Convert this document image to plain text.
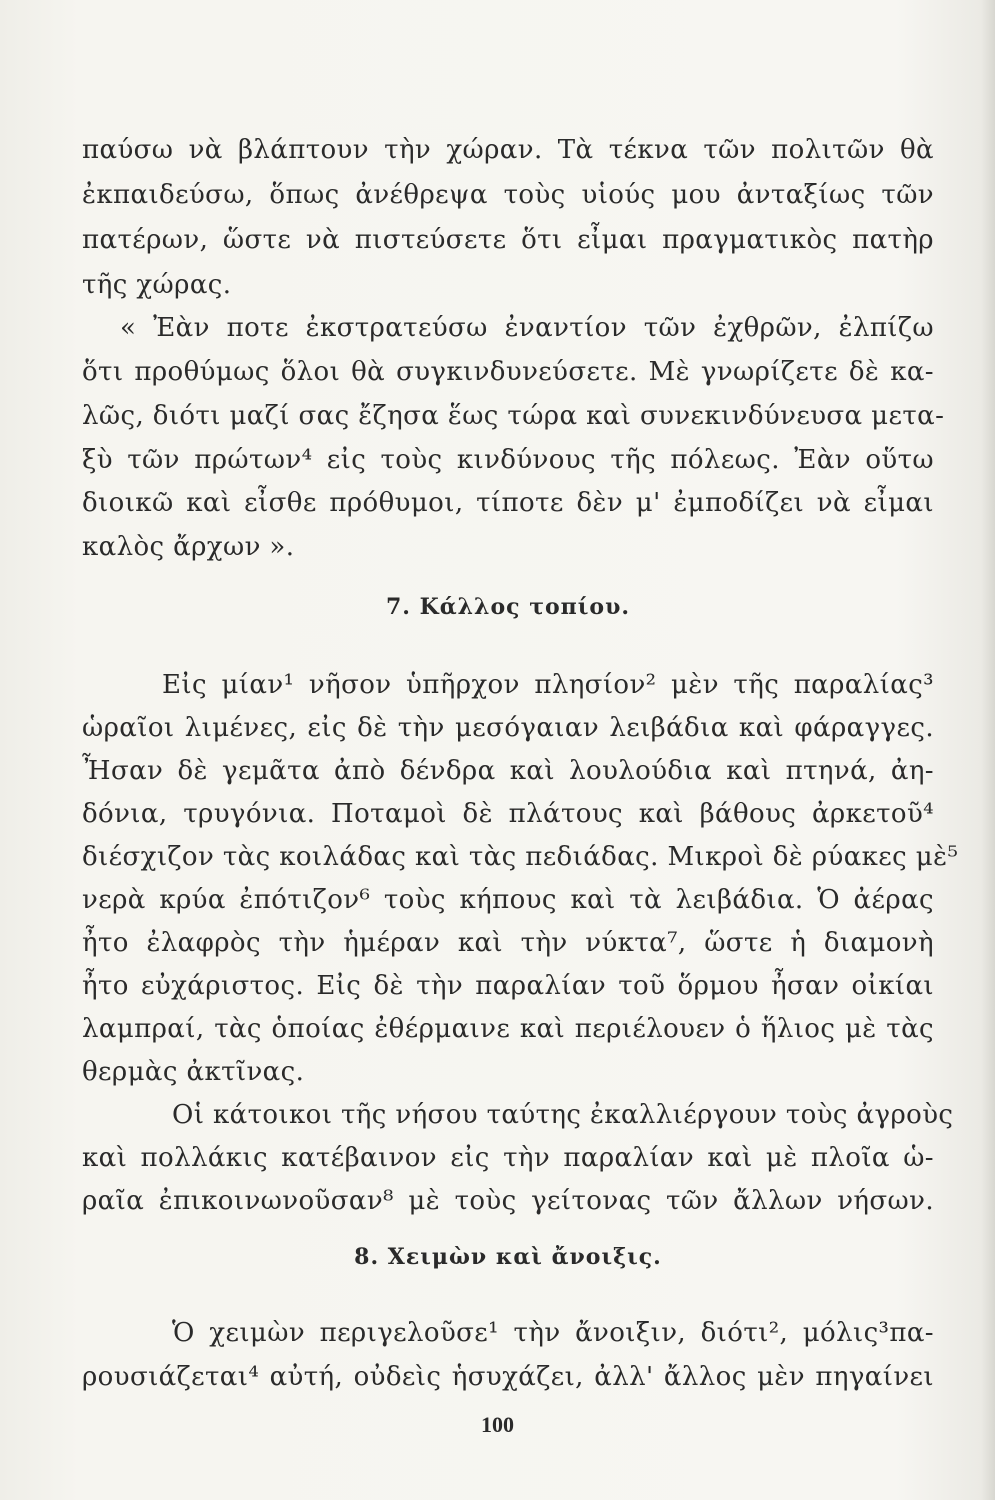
παύσω νὰ βλάπτουν τὴν χώραν. Τὰ τέκνα τῶν πολιτῶν θὰ
ἐκπαιδεύσω, ὅπως ἀνέθρεψα τοὺς υἱούς μου ἀνταξίως τῶν
πατέρων, ὥστε νὰ πιστεύσετε ὅτι εἶμαι πραγματικὸς πατὴρ
τῆς χώρας.
« Ἐὰν ποτε ἐκστρατεύσω ἐναντίον τῶν ἐχθρῶν, ἐλπίζω
ὅτι προθύμως ὅλοι θὰ συγκινδυνεύσετε. Μὲ γνωρίζετε δὲ κα-
λῶς, διότι μαζί σας ἔζησα ἕως τώρα καὶ συνεκινδύνευσα μετα-
ξὺ τῶν πρώτων⁴ εἰς τοὺς κινδύνους τῆς πόλεως. Ἐὰν οὕτω
διοικῶ καὶ εἶσθε πρόθυμοι, τίποτε δὲν μ' ἐμποδίζει νὰ εἶμαι
καλὸς ἄρχων ».
7. Κάλλος τοπίου.
Εἰς μίαν¹ νῆσον ὑπῆρχον πλησίον² μὲν τῆς παραλίας³
ὡραῖοι λιμένες, εἰς δὲ τὴν μεσόγαιαν λειβάδια καὶ φάραγγες.
Ἦσαν δὲ γεμᾶτα ἀπὸ δένδρα καὶ λουλούδια καὶ πτηνά, ἀη-
δόνια, τρυγόνια. Ποταμοὶ δὲ πλάτους καὶ βάθους ἀρκετοῦ⁴
διέσχιζον τὰς κοιλάδας καὶ τὰς πεδιάδας. Μικροὶ δὲ ρύακες μὲ⁵
νερὰ κρύα ἐπότιζον⁶ τοὺς κήπους καὶ τὰ λειβάδια. Ὁ ἀέρας
ἦτο ἐλαφρὸς τὴν ἡμέραν καὶ τὴν νύκτα⁷, ὥστε ἡ διαμονὴ
ἦτο εὐχάριστος. Εἰς δὲ τὴν παραλίαν τοῦ ὅρμου ἦσαν οἰκίαι
λαμπραί, τὰς ὁποίας ἐθέρμαινε καὶ περιέλουεν ὁ ἥλιος μὲ τὰς
θερμὰς ἀκτῖνας.
Οἱ κάτοικοι τῆς νήσου ταύτης ἐκαλλιέργουν τοὺς ἀγροὺς
καὶ πολλάκις κατέβαινον εἰς τὴν παραλίαν καὶ μὲ πλοῖα ὡ-
ραῖα ἐπικοινωνοῦσαν⁸ μὲ τοὺς γείτονας τῶν ἄλλων νήσων.
8. Χειμὼν καὶ ἄνοιξις.
Ὁ χειμὼν περιγελοῦσε¹ τὴν ἄνοιξιν, διότι², μόλις³πα-
ρουσιάζεται⁴ αὐτή, οὐδεὶς ἡσυχάζει, ἀλλ' ἄλλος μὲν πηγαίνει
100
